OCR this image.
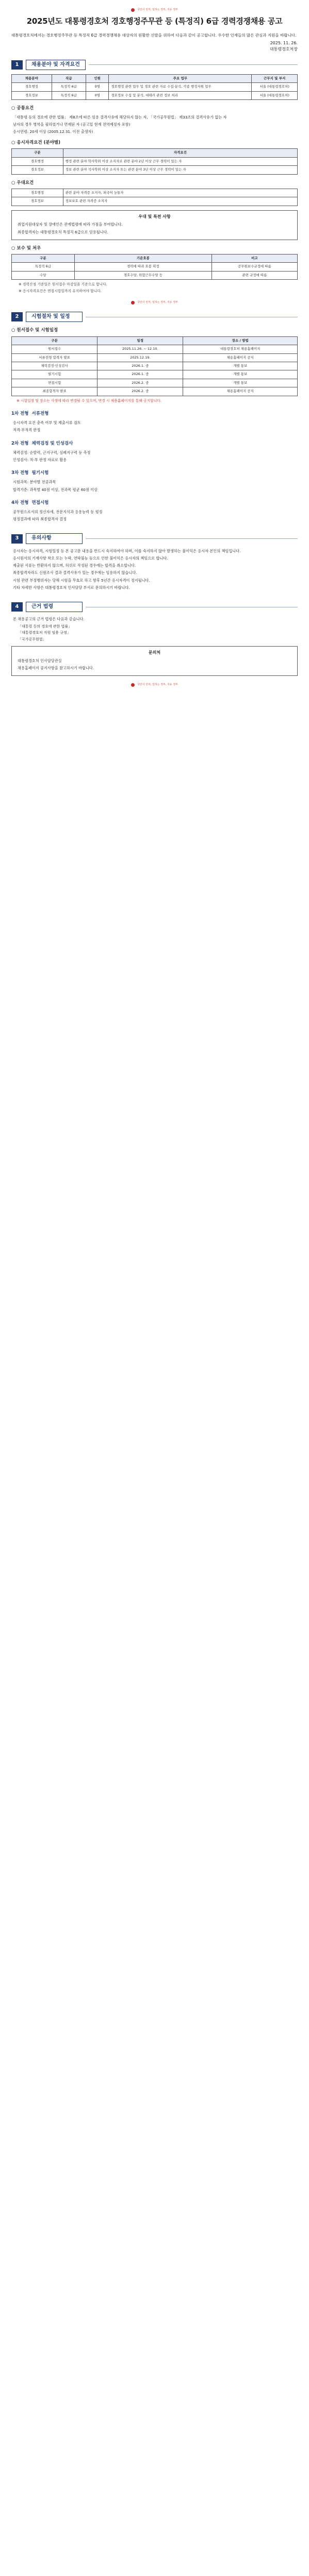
국민이 먼저, 일하는 정부, 자유 정부
2025년도 대통령경호처 경호행정주무관 등 (특정직) 6급 경력경쟁채용 공고
대통령경호처에서는 경호행정주무관 등 특정직 6급 경력경쟁채용 대상자의 원활한 선발을 위하여 다음과 같이 공고합니다. 우수한 인재들의 많은 관심과 지원을 바랍니다.
2025. 11. 26.
대통령경호처장
1	채용분야 및 자격요건
채용분야	직급	인원	주요 업무	근무지 및 부서
경호행정	특정직 6급	0명	경호행정 관련 업무 및 경호 관련 자료 수집·분석, 각종 행정지원 업무	서울 (대통령경호처)
경호정보	특정직 6급	0명	경호정보 수집 및 분석, 대테러 관련 정보 처리	서울 (대통령경호처)
○ 공통요건
「대통령 등의 경호에 관한 법률」 제8조에 따른 임용 결격사유에 해당하지 않는 자, 「국가공무원법」 제33조의 결격사유가 없는 자
남자의 경우 병역을 필하였거나 면제된 자 (공고일 현재 전역예정자 포함)
응시연령: 20세 이상 (2005.12.31. 이전 출생자)
○ 응시자격요건 (분야별)
구분	자격요건
경호행정	행정 관련 분야 학사학위 이상 소지자로 관련 분야 2년 이상 근무 경력이 있는 자
경호정보	정보 관련 분야 석사학위 이상 소지자 또는 관련 분야 3년 이상 근무 경력이 있는 자
○ 우대요건
경호행정	관련 분야 자격증 소지자, 외국어 능통자
경호정보	정보보호 관련 자격증 소지자
우대 및 특전 사항
취업지원대상자 및 장애인은 관계법령에 따라 가점을 부여합니다.
최종합격자는 대통령경호처 특정직 6급으로 임용됩니다.
○ 보수 및 처우
구분	기준호봉	비고
특정직 6급	경력에 따라 호봉 획정	공무원보수규정에 따름
수당	경호수당, 위험근무수당 등	관련 규정에 따름
※ 경력산정 기준일은 원서접수 마감일을 기준으로 합니다.
※ 응시자격요건은 면접시험일까지 유지하여야 합니다.
국민이 먼저, 일하는 정부, 자유 정부
2	시험절차 및 일정
○ 원서접수 및 시험일정
구분	일정	장소 / 방법
원서접수	2025.11.26. ~ 12.10.	대통령경호처 채용홈페이지
서류전형 합격자 발표	2025.12.19.	채용홈페이지 공지
체력검정·인성검사	2026.1. 중	개별 통보
필기시험	2026.1. 중	개별 통보
면접시험	2026.2. 중	개별 통보
최종합격자 발표	2026.2. 중	채용홈페이지 공지
※ 시험일정 및 장소는 사정에 따라 변경될 수 있으며, 변경 시 채용홈페이지를 통해 공지합니다.
1차 전형 서류전형
응시자격 요건 충족 여부 및 제출서류 검토
적격·부적격 판정
2차 전형 체력검정 및 인성검사
체력검정: 순발력, 근지구력, 심폐지구력 등 측정
인성검사: 적·부 판정 자료로 활용
3차 전형 필기시험
시험과목: 분야별 전공과목
합격기준: 과목별 40점 이상, 전과목 평균 60점 이상
4차 전형 면접시험
공무원으로서의 정신자세, 전문지식과 응용능력 등 평정
평정결과에 따라 최종합격자 결정
3	유의사항
응시자는 응시자격, 시험일정 등 본 공고문 내용을 반드시 숙지하여야 하며, 이를 숙지하지 않아 발생하는 불이익은 응시자 본인의 책임입니다.
응시원서의 기재사항 착오 또는 누락, 연락불능 등으로 인한 불이익은 응시자의 책임으로 합니다.
제출된 서류는 반환하지 않으며, 허위로 작성된 경우에는 합격을 취소합니다.
최종합격자라도 신원조사 결과 결격사유가 있는 경우에는 임용하지 않습니다.
시험 관련 부정행위자는 당해 시험을 무효로 하고 향후 5년간 응시자격이 정지됩니다.
기타 자세한 사항은 대통령경호처 인사담당 부서로 문의하시기 바랍니다.
4	근거 법령
본 채용공고의 근거 법령은 다음과 같습니다.
「대통령 등의 경호에 관한 법률」
「대통령경호처 직원 임용 규정」
「국가공무원법」
문의처
대통령경호처 인사담당관실
채용홈페이지 공지사항을 참고하시기 바랍니다.
국민이 먼저, 일하는 정부, 자유 정부
